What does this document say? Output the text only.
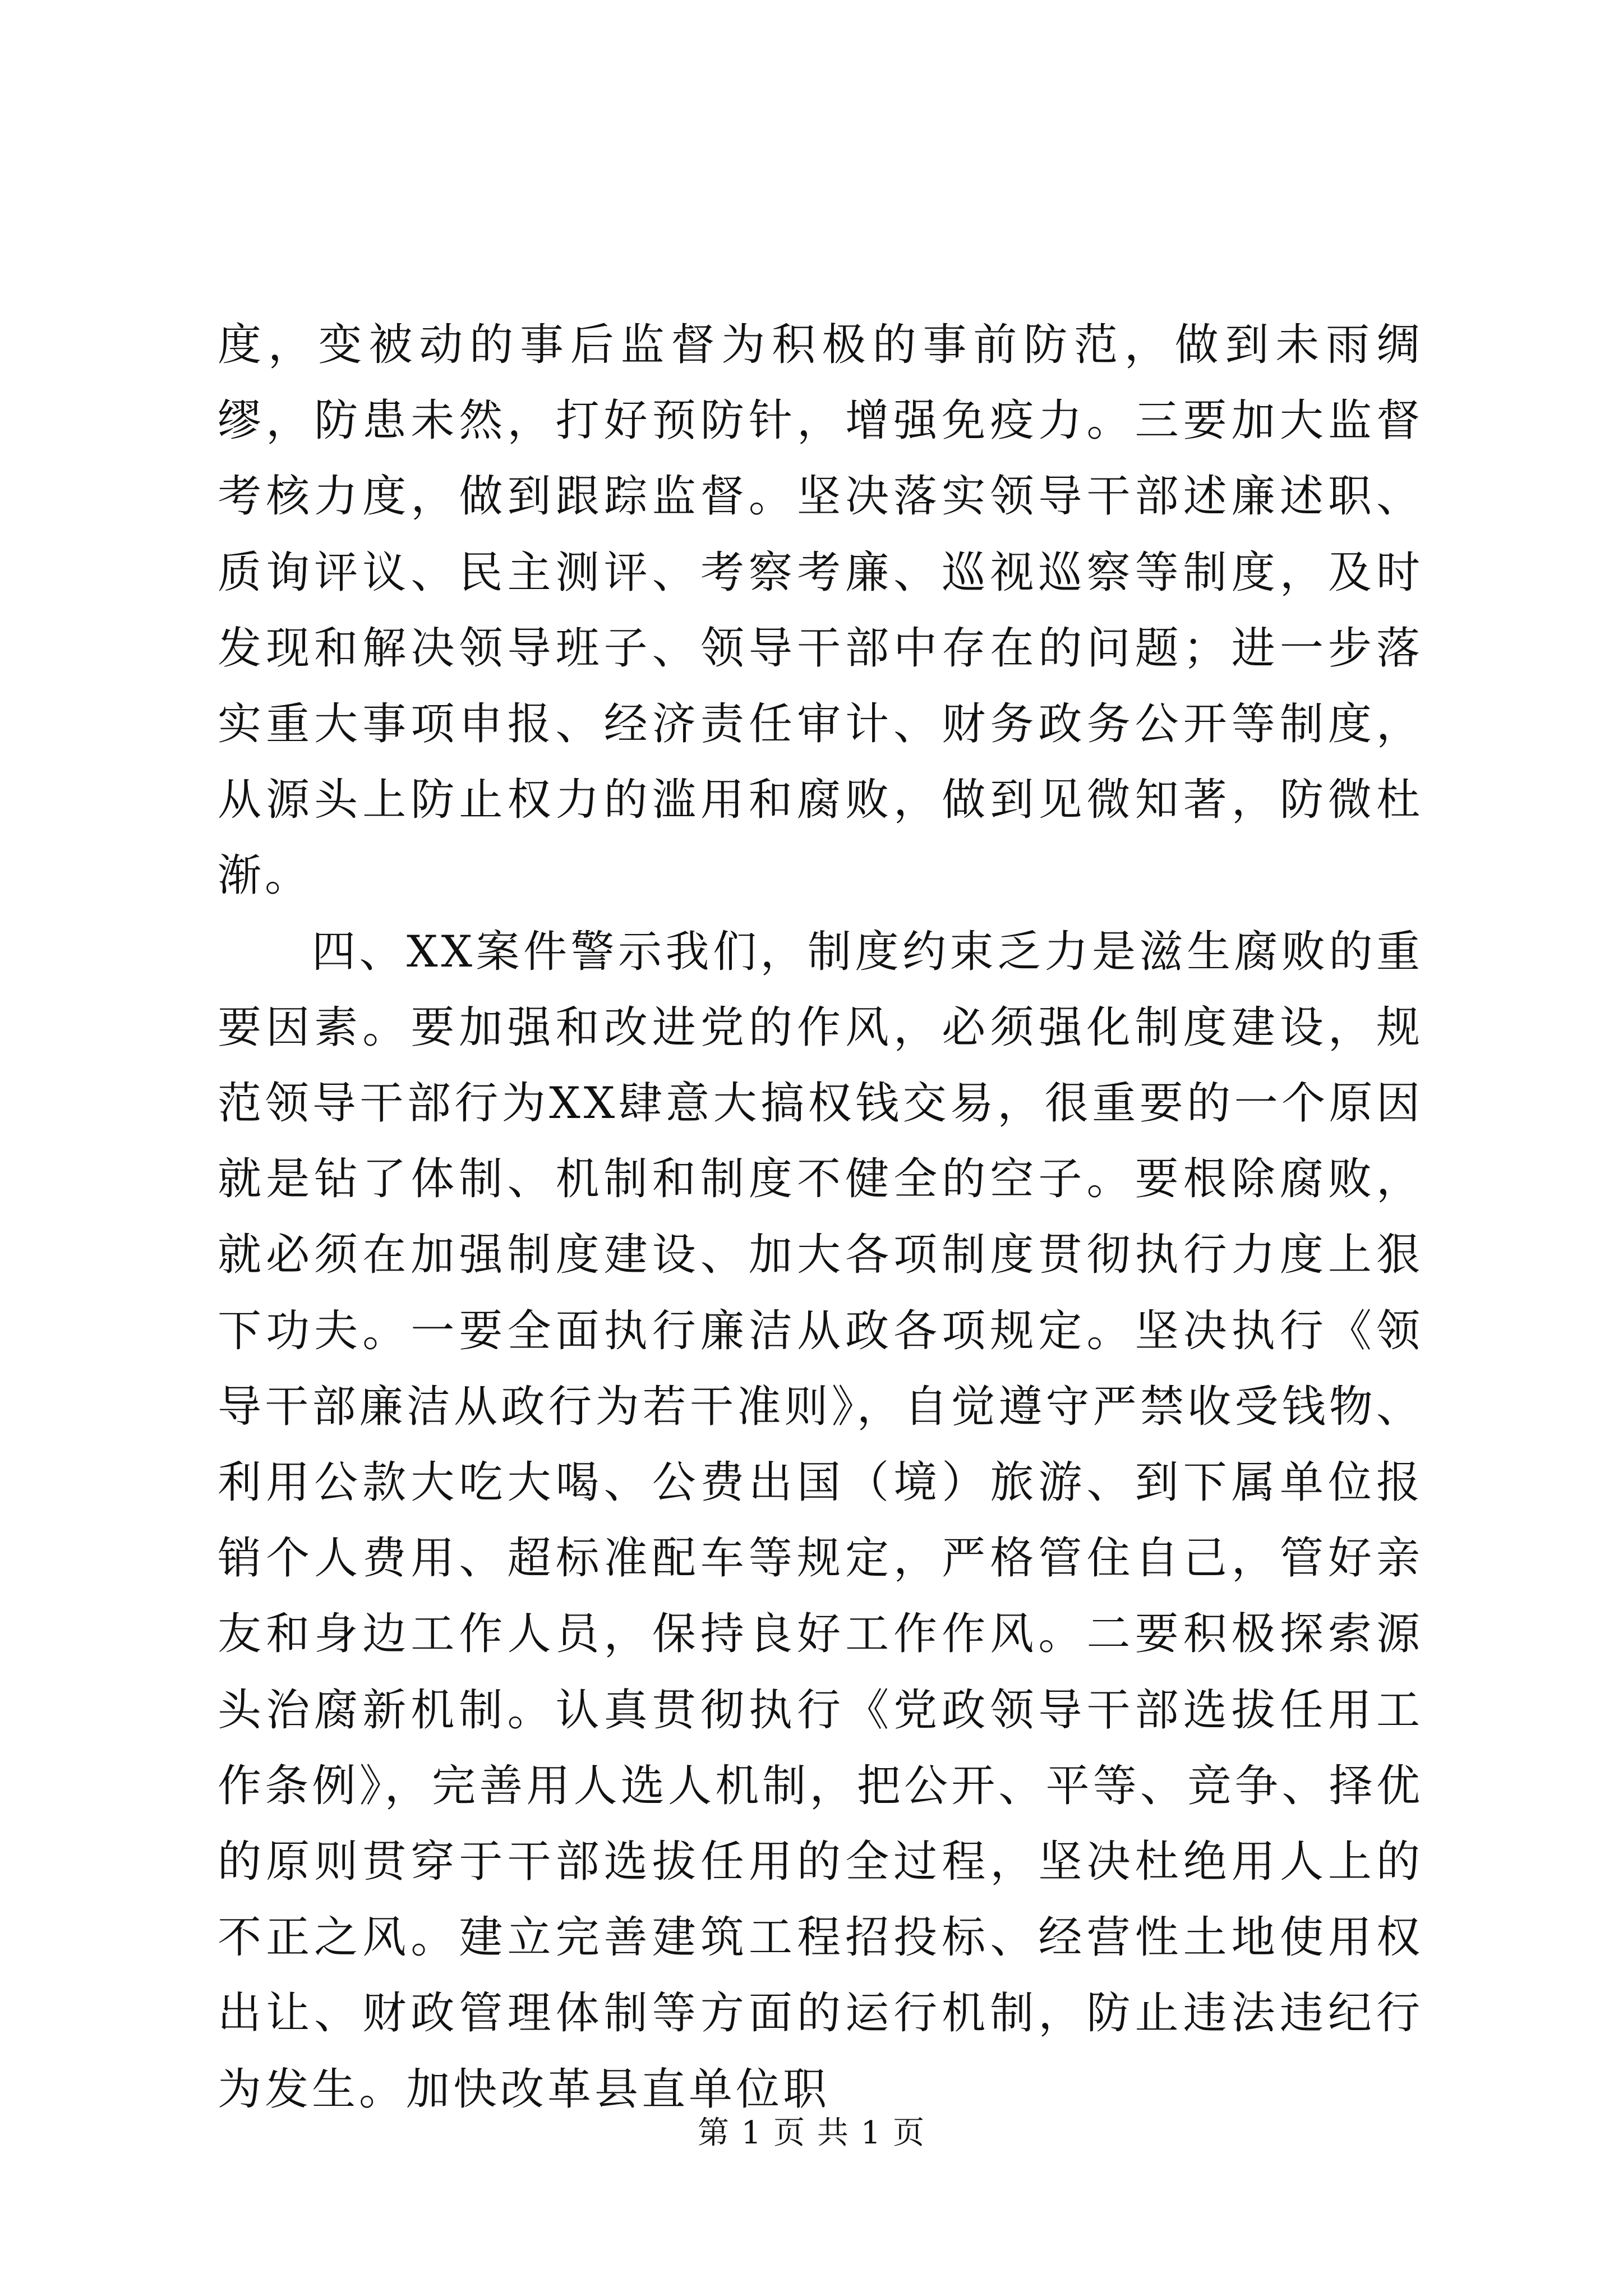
度，变被动的事后监督为积极的事前防范，做到未雨绸缪，防患未然，打好预防针，增强免疫力。三要加大监督考核力度，做到跟踪监督。坚决落实领导干部述廉述职、质询评议、民主测评、考察考廉、巡视巡察等制度，及时发现和解决领导班子、领导干部中存在的问题；进一步落实重大事项申报、经济责任审计、财务政务公开等制度，从源头上防止权力的滥用和腐败，做到见微知著，防微杜渐。

四、XX案件警示我们，制度约束乏力是滋生腐败的重要因素。要加强和改进党的作风，必须强化制度建设，规范领导干部行为XX肆意大搞权钱交易，很重要的一个原因就是钻了体制、机制和制度不健全的空子。要根除腐败，就必须在加强制度建设、加大各项制度贯彻执行力度上狠下功夫。一要全面执行廉洁从政各项规定。坚决执行《领导干部廉洁从政行为若干准则》，自觉遵守严禁收受钱物、利用公款大吃大喝、公费出国（境）旅游、到下属单位报销个人费用、超标准配车等规定，严格管住自己，管好亲友和身边工作人员，保持良好工作作风。二要积极探索源头治腐新机制。认真贯彻执行《党政领导干部选拔任用工作条例》，完善用人选人机制，把公开、平等、竞争、择优的原则贯穿于干部选拔任用的全过程，坚决杜绝用人上的不正之风。建立完善建筑工程招投标、经营性土地使用权出让、财政管理体制等方面的运行机制，防止违法违纪行为发生。加快改革县直单位职

第 1 页 共 1 页
